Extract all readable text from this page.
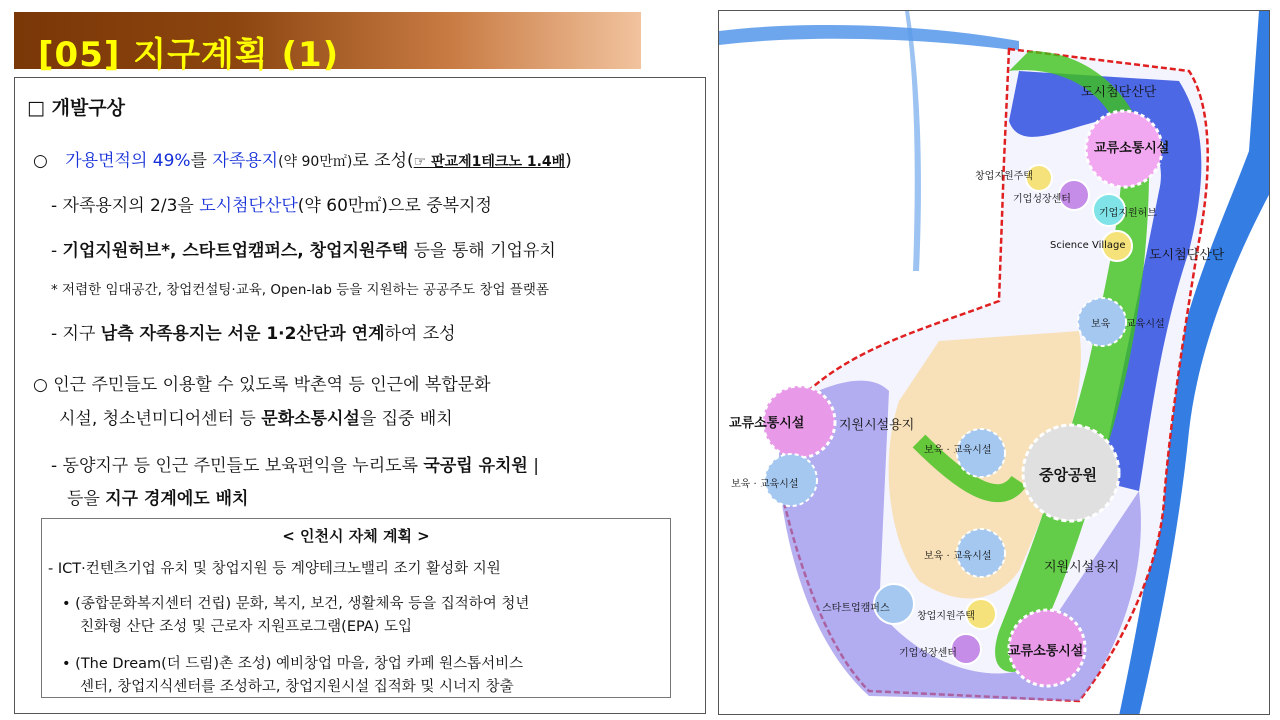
[05] 지구계획 (1)
□ 개발구상
○ 가용면적의 49%를 자족용지(약 90만㎡)로 조성(☞ 판교제1테크노 1.4배)
- 자족용지의 2/3을 도시첨단산단(약 60만㎡)으로 중복지정
- 기업지원허브*, 스타트업캠퍼스, 창업지원주택 등을 통해 기업유치
* 저렴한 임대공간, 창업컨설팅·교육, Open-lab 등을 지원하는 공공주도 창업 플랫폼
- 지구 남측 자족용지는 서운 1·2산단과 연계하여 조성
○ 인근 주민들도 이용할 수 있도록 박촌역 등 인근에 복합문화
시설, 청소년미디어센터 등 문화소통시설을 집중 배치
- 동양지구 등 인근 주민들도 보육편익을 누리도록 국공립 유치원 |
등을 지구 경계에도 배치
< 인천시 자체 계획 >
- ICT·컨텐츠기업 유치 및 창업지원 등 계양테크노밸리 조기 활성화 지원
• (종합문화복지센터 건립) 문화, 복지, 보건, 생활체육 등을 집적하여 청년
친화형 산단 조성 및 근로자 지원프로그램(EPA) 도입
• (The Dream(더 드림)촌 조성) 예비창업 마을, 창업 카페 원스톱서비스
센터, 창업지식센터를 조성하고, 창업지원시설 집적화 및 시너지 창출
도시첨단산단
교류소통시설
창업지원주택
기업성장센터
기업지원허브
Science Village
도시첨단산단
보육 교육시설
교류소통시설	지원시설용지
보육 · 교육시설
보육 · 교육시설
중앙공원
보육 · 교육시설
지원시설용지
스타트업캠퍼스
창업지원주택
기업성장센터	교류소통시설
